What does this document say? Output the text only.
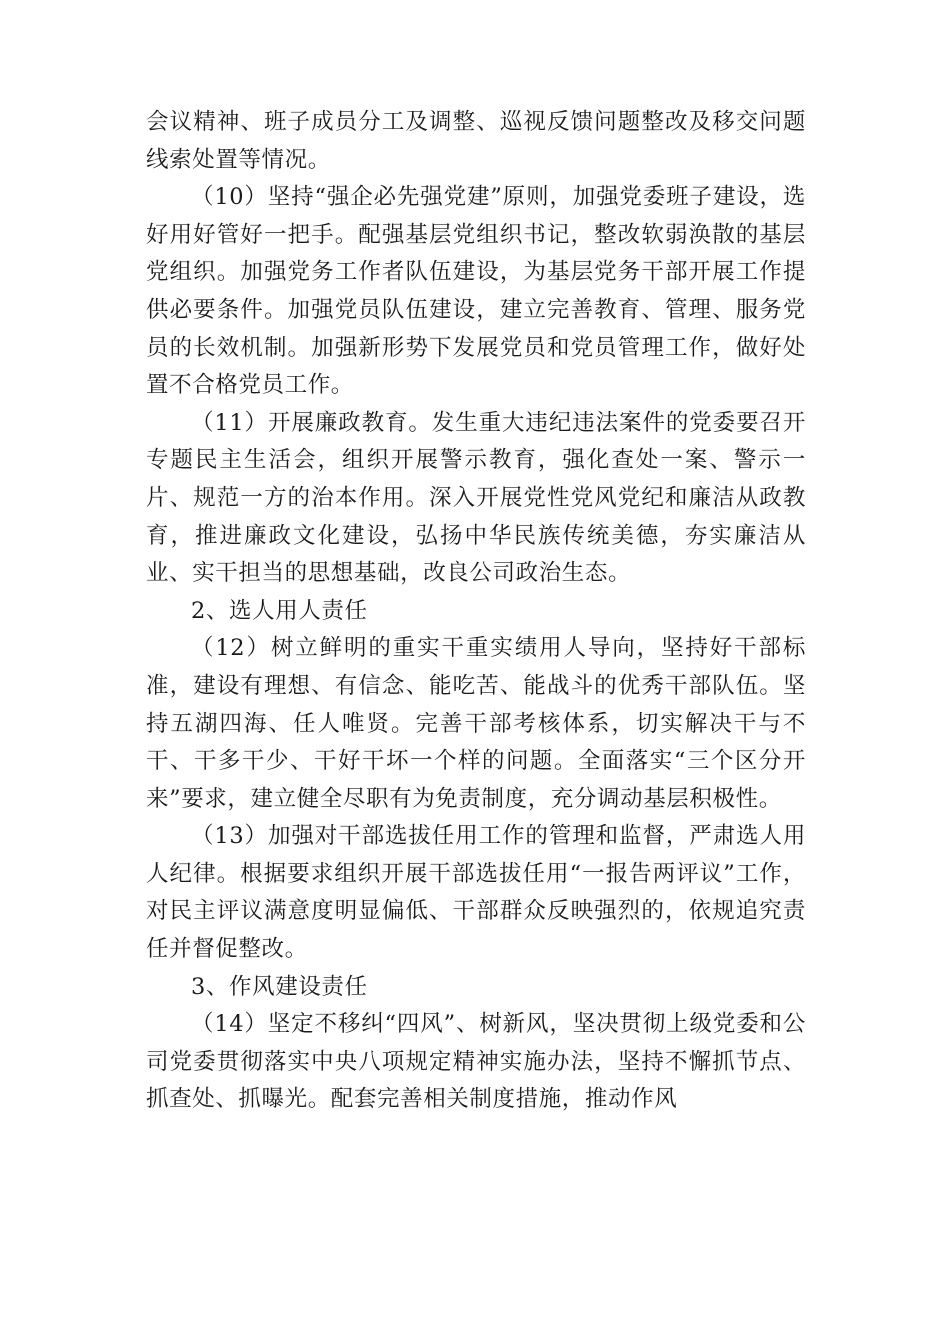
会议精神、班子成员分工及调整、巡视反馈问题整改及移交问题线索处置等情况。

（10）坚持“强企必先强党建”原则，加强党委班子建设，选好用好管好一把手。配强基层党组织书记，整改软弱涣散的基层党组织。加强党务工作者队伍建设，为基层党务干部开展工作提供必要条件。加强党员队伍建设，建立完善教育、管理、服务党员的长效机制。加强新形势下发展党员和党员管理工作，做好处置不合格党员工作。

（11）开展廉政教育。发生重大违纪违法案件的党委要召开专题民主生活会，组织开展警示教育，强化查处一案、警示一片、规范一方的治本作用。深入开展党性党风党纪和廉洁从政教育，推进廉政文化建设，弘扬中华民族传统美德，夯实廉洁从业、实干担当的思想基础，改良公司政治生态。

2、选人用人责任

（12）树立鲜明的重实干重实绩用人导向，坚持好干部标准，建设有理想、有信念、能吃苦、能战斗的优秀干部队伍。坚持五湖四海、任人唯贤。完善干部考核体系，切实解决干与不干、干多干少、干好干坏一个样的问题。全面落实“三个区分开来”要求，建立健全尽职有为免责制度，充分调动基层积极性。

（13）加强对干部选拔任用工作的管理和监督，严肃选人用人纪律。根据要求组织开展干部选拔任用“一报告两评议”工作，对民主评议满意度明显偏低、干部群众反映强烈的，依规追究责任并督促整改。

3、作风建设责任

（14）坚定不移纠“四风”、树新风，坚决贯彻上级党委和公司党委贯彻落实中央八项规定精神实施办法，坚持不懈抓节点、抓查处、抓曝光。配套完善相关制度措施，推动作风
